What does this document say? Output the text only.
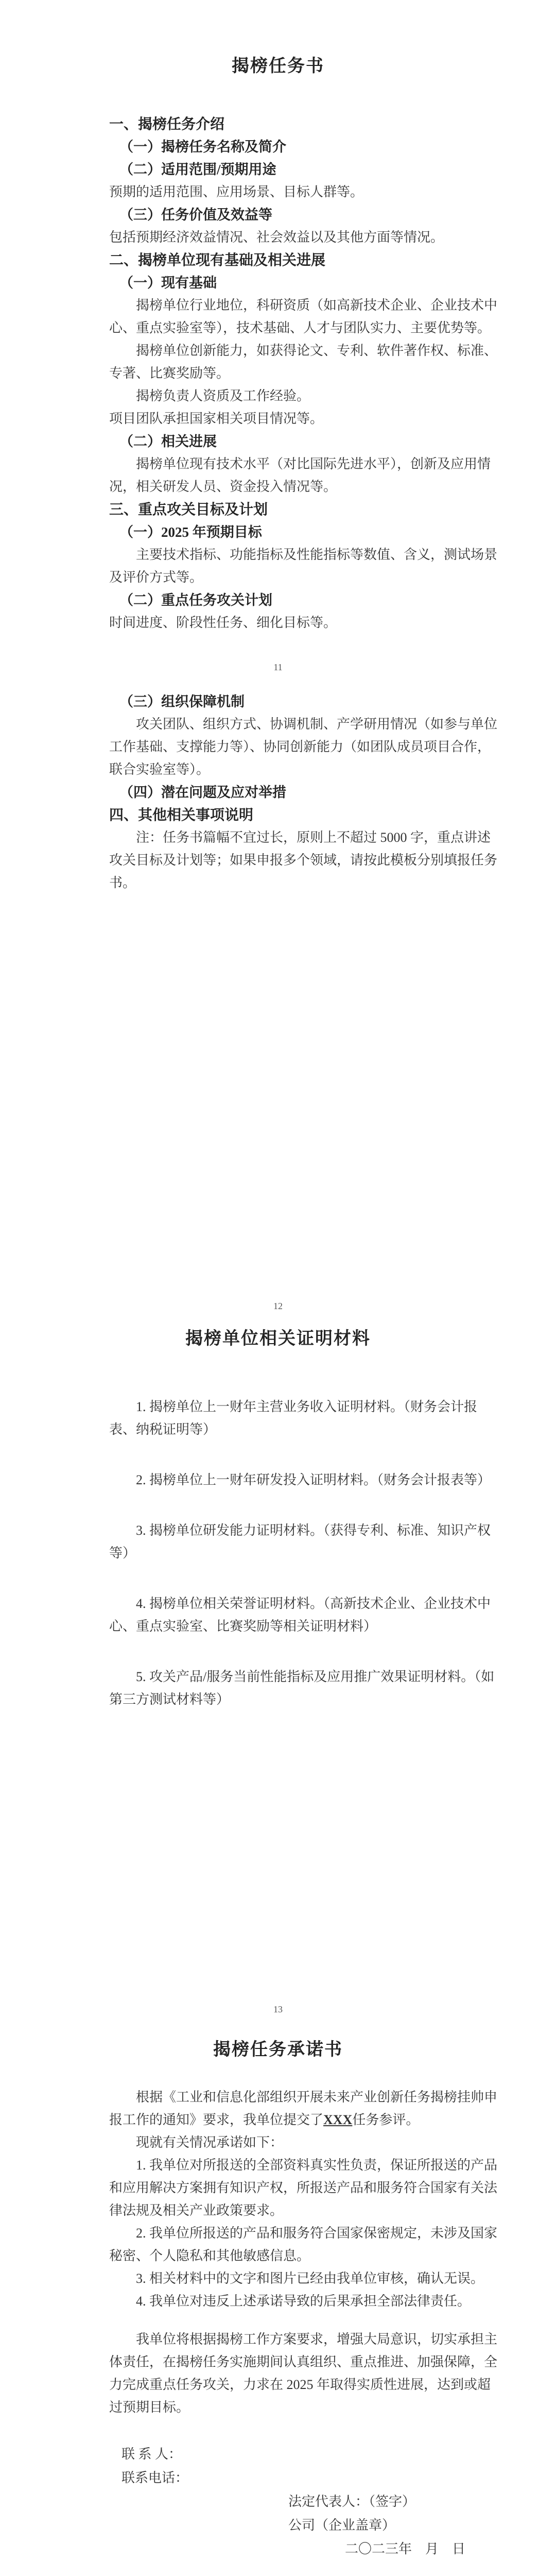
揭榜任务书
一、揭榜任务介绍
（一）揭榜任务名称及简介
（二）适用范围/预期用途
预期的适用范围、应用场景、目标人群等。
（三）任务价值及效益等
包括预期经济效益情况、社会效益以及其他方面等情况。
二、揭榜单位现有基础及相关进展
（一）现有基础
揭榜单位行业地位，科研资质（如高新技术企业、企业技术中心、重点实验室等），技术基础、人才与团队实力、主要优势等。
揭榜单位创新能力，如获得论文、专利、软件著作权、标准、专著、比赛奖励等。
揭榜负责人资质及工作经验。
项目团队承担国家相关项目情况等。
（二）相关进展
揭榜单位现有技术水平（对比国际先进水平），创新及应用情况，相关研发人员、资金投入情况等。
三、重点攻关目标及计划
（一）2025 年预期目标
主要技术指标、功能指标及性能指标等数值、含义，测试场景及评价方式等。
（二）重点任务攻关计划
时间进度、阶段性任务、细化目标等。
11
（三）组织保障机制
攻关团队、组织方式、协调机制、产学研用情况（如参与单位工作基础、支撑能力等）、协同创新能力（如团队成员项目合作，联合实验室等）。
（四）潜在问题及应对举措
四、其他相关事项说明
注：任务书篇幅不宜过长，原则上不超过 5000 字，重点讲述攻关目标及计划等；如果申报多个领域，请按此模板分别填报任务书。
12
揭榜单位相关证明材料
1. 揭榜单位上一财年主营业务收入证明材料。（财务会计报表、纳税证明等）
2. 揭榜单位上一财年研发投入证明材料。（财务会计报表等）
3. 揭榜单位研发能力证明材料。（获得专利、标准、知识产权等）
4. 揭榜单位相关荣誉证明材料。（高新技术企业、企业技术中心、重点实验室、比赛奖励等相关证明材料）
5. 攻关产品/服务当前性能指标及应用推广效果证明材料。（如第三方测试材料等）
13
揭榜任务承诺书
根据《工业和信息化部组织开展未来产业创新任务揭榜挂帅申报工作的通知》要求，我单位提交了XXX任务参评。
现就有关情况承诺如下：
1. 我单位对所报送的全部资料真实性负责，保证所报送的产品和应用解决方案拥有知识产权，所报送产品和服务符合国家有关法律法规及相关产业政策要求。
2. 我单位所报送的产品和服务符合国家保密规定，未涉及国家秘密、个人隐私和其他敏感信息。
3. 相关材料中的文字和图片已经由我单位审核，确认无误。
4. 我单位对违反上述承诺导致的后果承担全部法律责任。
我单位将根据揭榜工作方案要求，增强大局意识，切实承担主体责任，在揭榜任务实施期间认真组织、重点推进、加强保障，全力完成重点任务攻关，力求在 2025 年取得实质性进展，达到或超过预期目标。
联 系 人：
联系电话：
法定代表人：（签字）
公司（企业盖章）
二〇二三年　月　日
